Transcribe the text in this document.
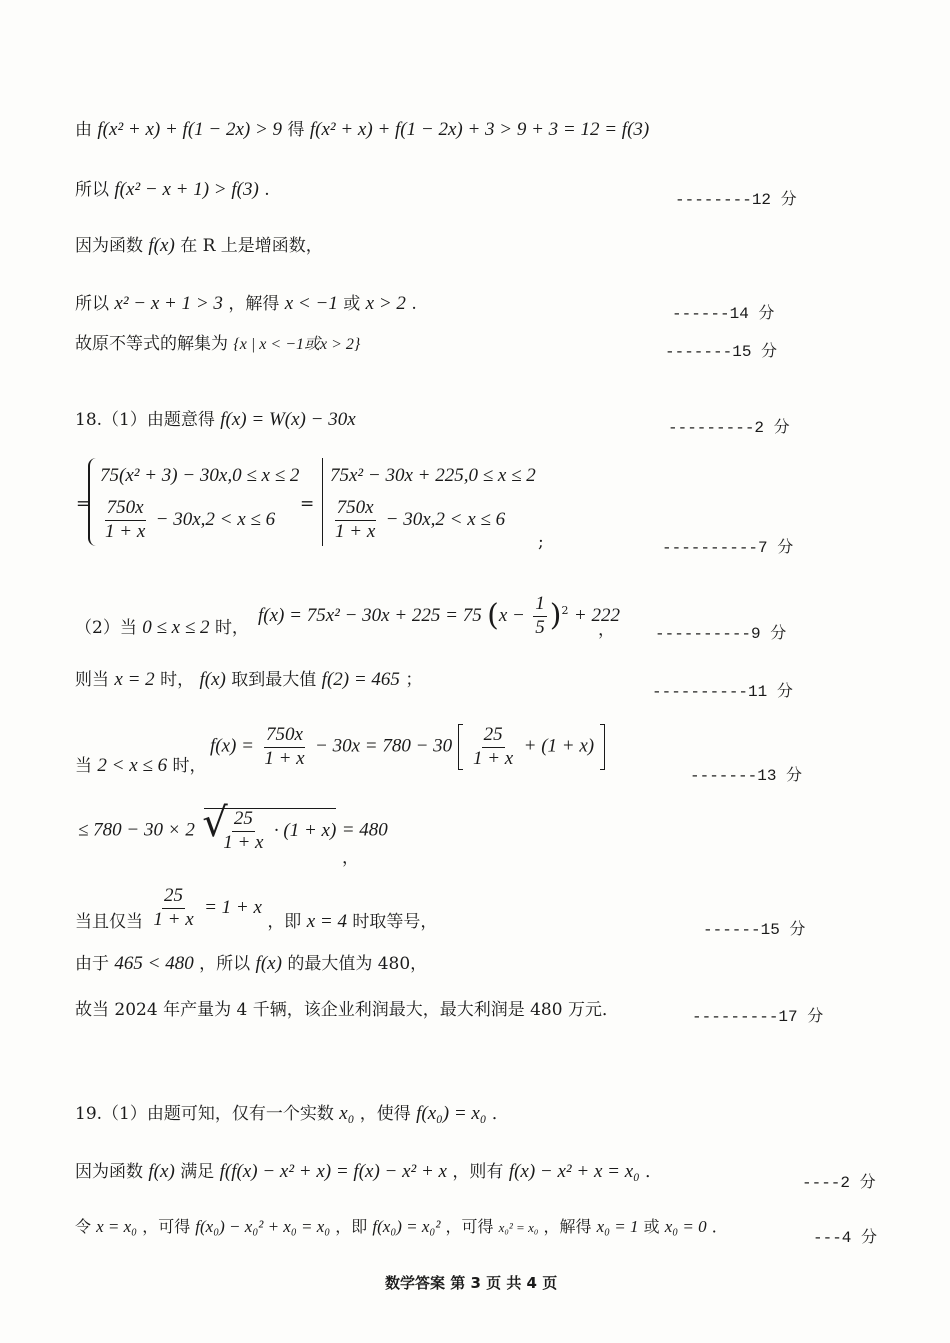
由 f(x² + x) + f(1 − 2x) > 9 得 f(x² + x) + f(1 − 2x) + 3 > 9 + 3 = 12 = f(3)
所以 f(x² − x + 1) > f(3) .	--------12 分
因为函数 f(x) 在 R 上是增函数，
所以 x² − x + 1 > 3 ，解得 x < −1 或 x > 2 .	------14 分
故原不等式的解集为 {x | x < −1或x > 2}	-------15 分
18.（1）由题意得 f(x) = W(x) − 30x	---------2 分
=
75(x² + 3) − 30x,0 ≤ x ≤ 2
$\frac{750x}{1 + x} - 30x,2 < x \le 6$
=
75x² − 30x + 225,0 ≤ x ≤ 2
$\frac{750x}{1 + x} - 30x,2 < x \le 6$
;	----------7 分
f(x) = 75x² − 30x + 225 = 75 $(x - \frac{1}{5} )^2 + 222$
（2）当 0 ≤ x ≤ 2 时，	，	----------9 分
则当 x = 2 时， f(x) 取到最大值 f(2) = 465 ；
----------11 分
$f(x) = \frac{750x}{1 + x} - 30x = 780 - 30 \frac{25}{1 + x} + (1 + x)$
当 2 < x ≤ 6 时，	-------13 分
≤ 780 − 30 × 2 √
$\frac{25}{1 + x} \cdot (1 + x) = 480$
，
当且仅当 $\frac{25}{1 + x} = 1 + x$ ，即 x = 4 时取等号，	------15 分
由于 465 < 480 ，所以 f(x) 的最大值为 480，
故当 2024 年产量为 4 千辆，该企业利润最大，最大利润是 480 万元．	---------17 分
19.（1）由题可知，仅有一个实数 x₀ ，使得 f(x₀) = x₀ ．
因为函数 f(x) 满足 f(f(x) − x² + x) = f(x) − x² + x ，则有 f(x) − x² + x = x₀ ．
----2 分
令 x = x₀ ，可得 f(x₀) − x₀² + x₀ = x₀ ，即 f(x₀) = x₀² ，可得 x₀² = x₀ ，解得 x₀ = 1 或 x₀ = 0 ．
---4 分
数学答案 第 3 页 共 4 页
